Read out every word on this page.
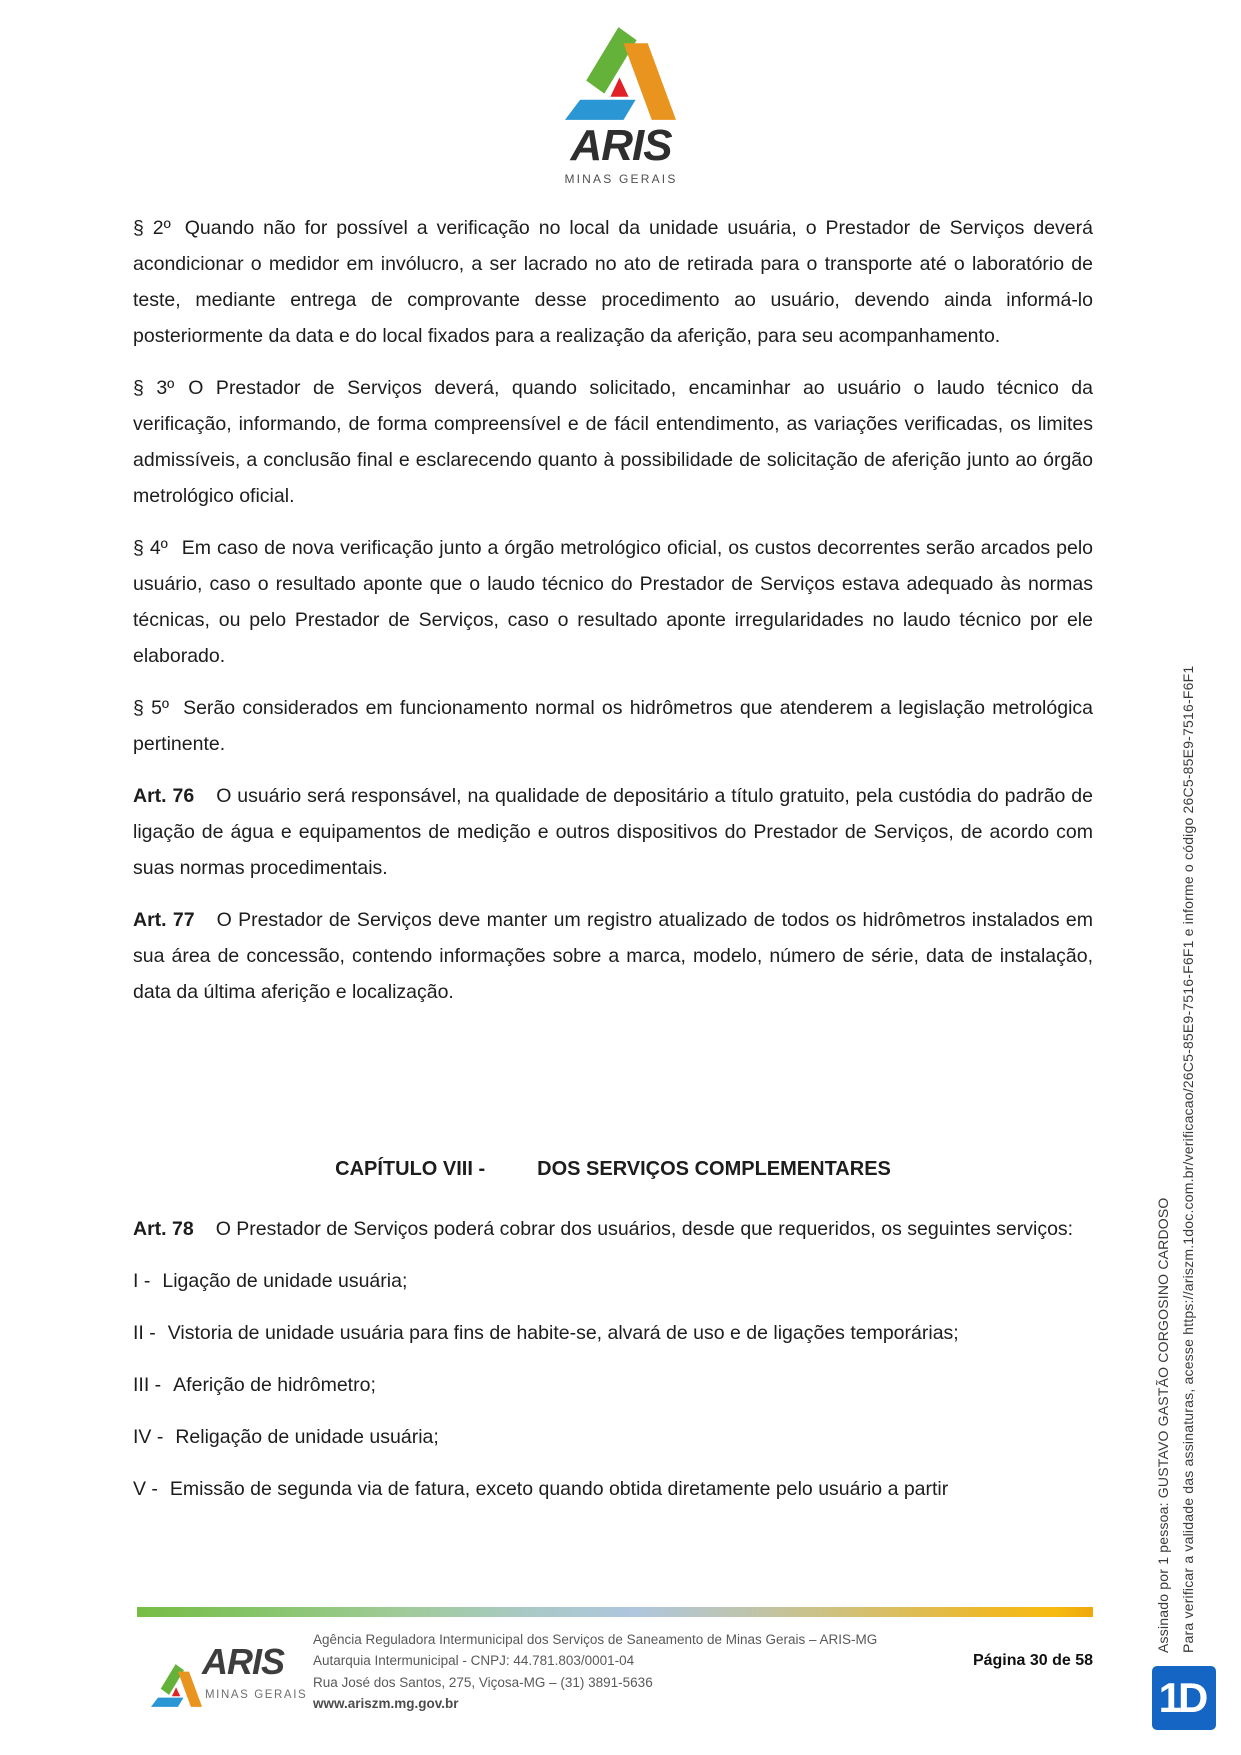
ARIS
MINAS GERAIS

§ 2º Quando não for possível a verificação no local da unidade usuária, o Prestador de Serviços deverá acondicionar o medidor em invólucro, a ser lacrado no ato de retirada para o transporte até o laboratório de teste, mediante entrega de comprovante desse procedimento ao usuário, devendo ainda informá-lo posteriormente da data e do local fixados para a realização da aferição, para seu acompanhamento.

§ 3º O Prestador de Serviços deverá, quando solicitado, encaminhar ao usuário o laudo técnico da verificação, informando, de forma compreensível e de fácil entendimento, as variações verificadas, os limites admissíveis, a conclusão final e esclarecendo quanto à possibilidade de solicitação de aferição junto ao órgão metrológico oficial.

§ 4º Em caso de nova verificação junto a órgão metrológico oficial, os custos decorrentes serão arcados pelo usuário, caso o resultado aponte que o laudo técnico do Prestador de Serviços estava adequado às normas técnicas, ou pelo Prestador de Serviços, caso o resultado aponte irregularidades no laudo técnico por ele elaborado.

§ 5º Serão considerados em funcionamento normal os hidrômetros que atenderem a legislação metrológica pertinente.

Art. 76 O usuário será responsável, na qualidade de depositário a título gratuito, pela custódia do padrão de ligação de água e equipamentos de medição e outros dispositivos do Prestador de Serviços, de acordo com suas normas procedimentais.

Art. 77 O Prestador de Serviços deve manter um registro atualizado de todos os hidrômetros instalados em sua área de concessão, contendo informações sobre a marca, modelo, número de série, data de instalação, data da última aferição e localização.

CAPÍTULO VIII -	DOS SERVIÇOS COMPLEMENTARES

Art. 78 O Prestador de Serviços poderá cobrar dos usuários, desde que requeridos, os seguintes serviços:

I - Ligação de unidade usuária;

II - Vistoria de unidade usuária para fins de habite-se, alvará de uso e de ligações temporárias;

III - Aferição de hidrômetro;

IV - Religação de unidade usuária;

V - Emissão de segunda via de fatura, exceto quando obtida diretamente pelo usuário a partir

ARIS
MINAS GERAIS
Agência Reguladora Intermunicipal dos Serviços de Saneamento de Minas Gerais – ARIS-MG
Autarquia Intermunicipal - CNPJ: 44.781.803/0001-04
Rua José dos Santos, 275, Viçosa-MG – (31) 3891-5636
www.ariszm.mg.gov.br
Página 30 de 58
Assinado por 1 pessoa: GUSTAVO GASTÃO CORGOSINO CARDOSO Para verificar a validade das assinaturas, acesse https://ariszm.1doc.com.br/verificacao/26C5-85E9-7516-F6F1 e informe o código 26C5-85E9-7516-F6F1
1D
